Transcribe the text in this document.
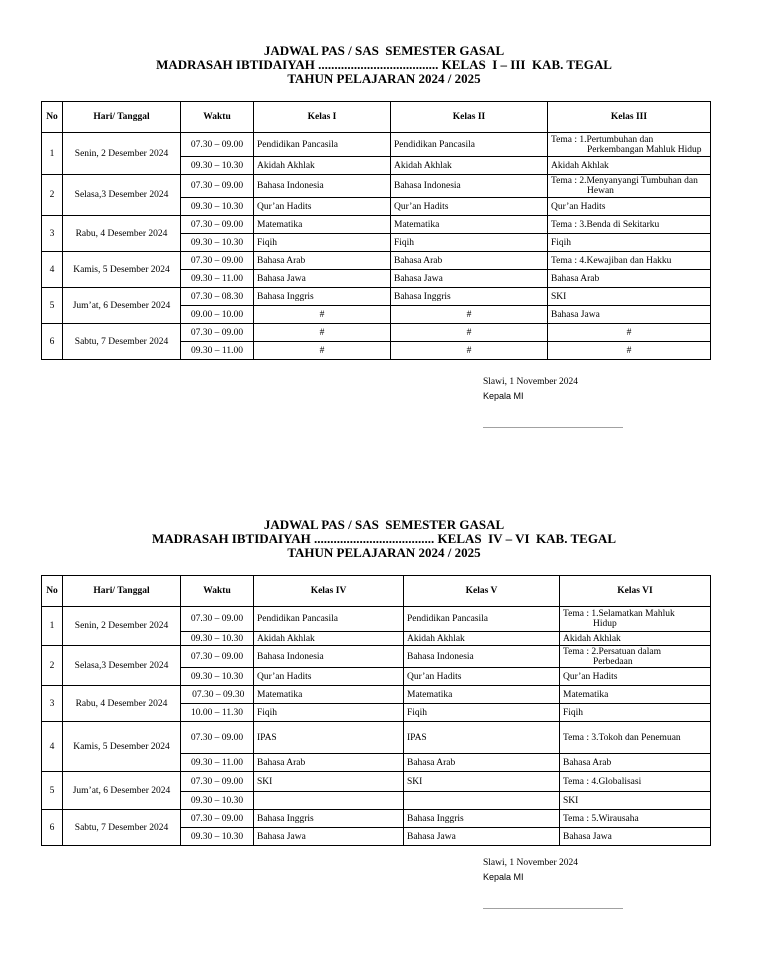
JADWAL PAS / SAS  SEMESTER GASAL
MADRASAH IBTIDAIYAH ..................................... KELAS  I – III  KAB. TEGAL
TAHUN PELAJARAN 2024 / 2025
No	Hari/ Tanggal	Waktu	Kelas I	Kelas II	Kelas III
1	Senin, 2 Desember 2024	07.30 – 09.00	Pendidikan Pancasila	Pendidikan Pancasila	Tema : 1.Pertumbuhan dan
Perkembangan Mahluk Hidup

		09.30 – 10.30	Akidah Akhlak	Akidah Akhlak	Akidah Akhlak
2	Selasa,3 Desember 2024	07.30 – 09.00	Bahasa Indonesia	Bahasa Indonesia	Tema : 2.Menyanyangi Tumbuhan dan
Hewan

		09.30 – 10.30	Qur’an Hadits	Qur’an Hadits	Qur’an Hadits
3	Rabu, 4 Desember 2024	07.30 – 09.00	Matematika	Matematika	Tema : 3.Benda di Sekitarku
		09.30 – 10.30	Fiqih	Fiqih	Fiqih
4	Kamis, 5 Desember 2024	07.30 – 09.00	Bahasa Arab	Bahasa Arab	Tema : 4.Kewajiban dan Hakku
		09.30 – 11.00	Bahasa Jawa	Bahasa Jawa	Bahasa Arab
5	Jum’at, 6 Desember 2024	07.30 – 08.30	Bahasa Inggris	Bahasa Inggris	SKI
		09.00 – 10.00	#	#	Bahasa Jawa
6	Sabtu, 7 Desember 2024	07.30 – 09.00	#	#	#
		09.30 – 11.00	#	#	#
Slawi, 1 November 2024
Kepala MI
......................................................................
JADWAL PAS / SAS  SEMESTER GASAL
MADRASAH IBTIDAIYAH ..................................... KELAS  IV – VI  KAB. TEGAL
TAHUN PELAJARAN 2024 / 2025
No	Hari/ Tanggal	Waktu	Kelas IV	Kelas V	Kelas VI
1	Senin, 2 Desember 2024	07.30 – 09.00	Pendidikan Pancasila	Pendidikan Pancasila	Tema : 1.Selamatkan Mahluk
Hidup

		09.30 – 10.30	Akidah Akhlak	Akidah Akhlak	Akidah Akhlak
2	Selasa,3 Desember 2024	07.30 – 09.00	Bahasa Indonesia	Bahasa Indonesia	Tema : 2.Persatuan dalam
Perbedaan

		09.30 – 10.30	Qur’an Hadits	Qur’an Hadits	Qur’an Hadits
3	Rabu, 4 Desember 2024	07.30 – 09.30	Matematika	Matematika	Matematika
		10.00 – 11.30	Fiqih	Fiqih	Fiqih
4	Kamis, 5 Desember 2024	07.30 – 09.00	IPAS	IPAS	Tema : 3.Tokoh dan Penemuan
		09.30 – 11.00	Bahasa Arab	Bahasa Arab	Bahasa Arab
5	Jum’at, 6 Desember 2024	07.30 – 09.00	SKI	SKI	Tema : 4.Globalisasi
		09.30 – 10.30			SKI
6	Sabtu, 7 Desember 2024	07.30 – 09.00	Bahasa Inggris	Bahasa Inggris	Tema : 5.Wirausaha
		09.30 – 10.30	Bahasa Jawa	Bahasa Jawa	Bahasa Jawa
Slawi, 1 November 2024
Kepala MI
......................................................................
